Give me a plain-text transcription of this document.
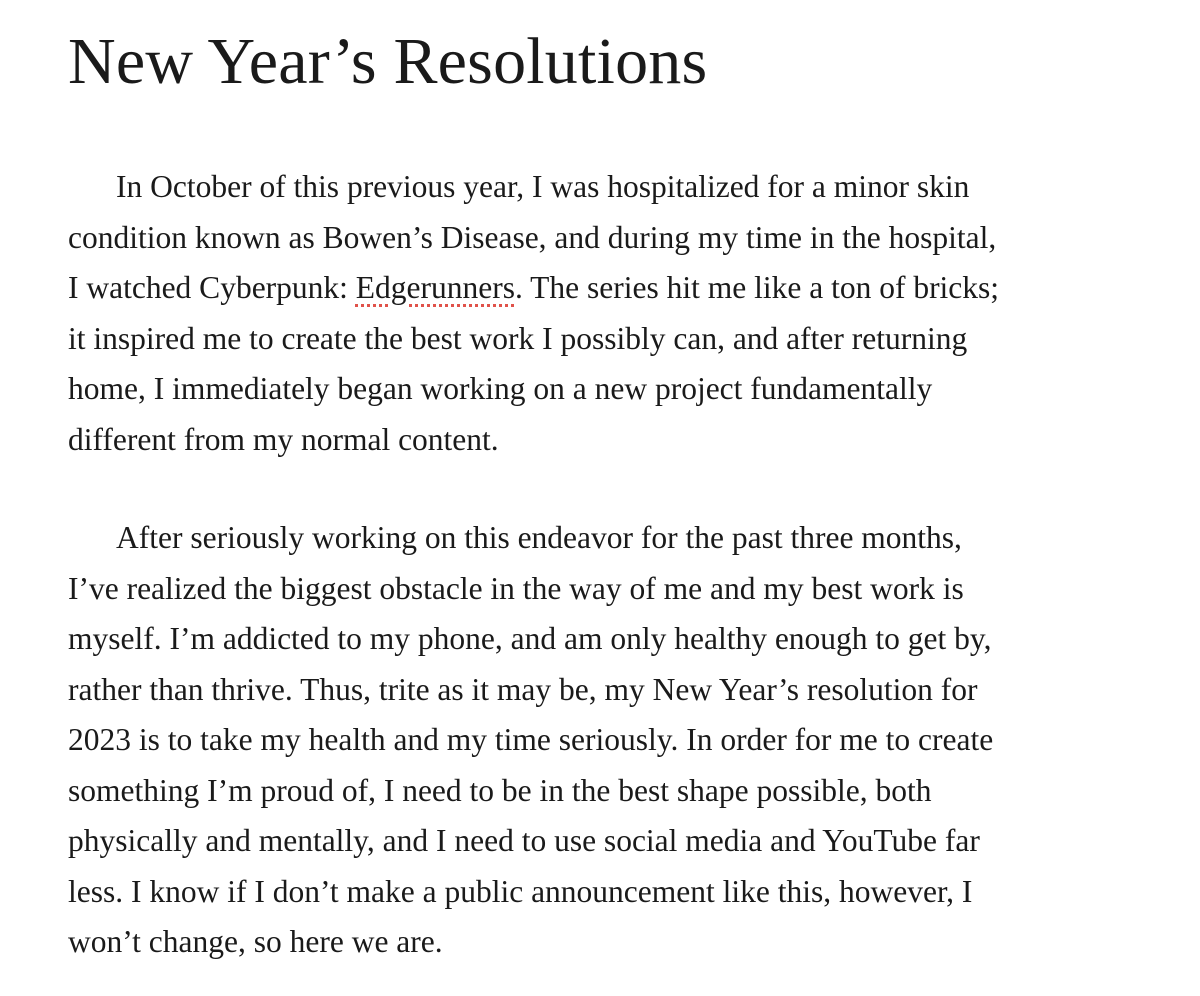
New Year’s Resolutions

In October of this previous year, I was hospitalized for a minor skin
condition known as Bowen’s Disease, and during my time in the hospital,
I watched Cyberpunk: Edgerunners. The series hit me like a ton of bricks;
it inspired me to create the best work I possibly can, and after returning
home, I immediately began working on a new project fundamentally
different from my normal content.

After seriously working on this endeavor for the past three months,
I’ve realized the biggest obstacle in the way of me and my best work is
myself. I’m addicted to my phone, and am only healthy enough to get by,
rather than thrive. Thus, trite as it may be, my New Year’s resolution for
2023 is to take my health and my time seriously. In order for me to create
something I’m proud of, I need to be in the best shape possible, both
physically and mentally, and I need to use social media and YouTube far
less. I know if I don’t make a public announcement like this, however, I
won’t change, so here we are.
